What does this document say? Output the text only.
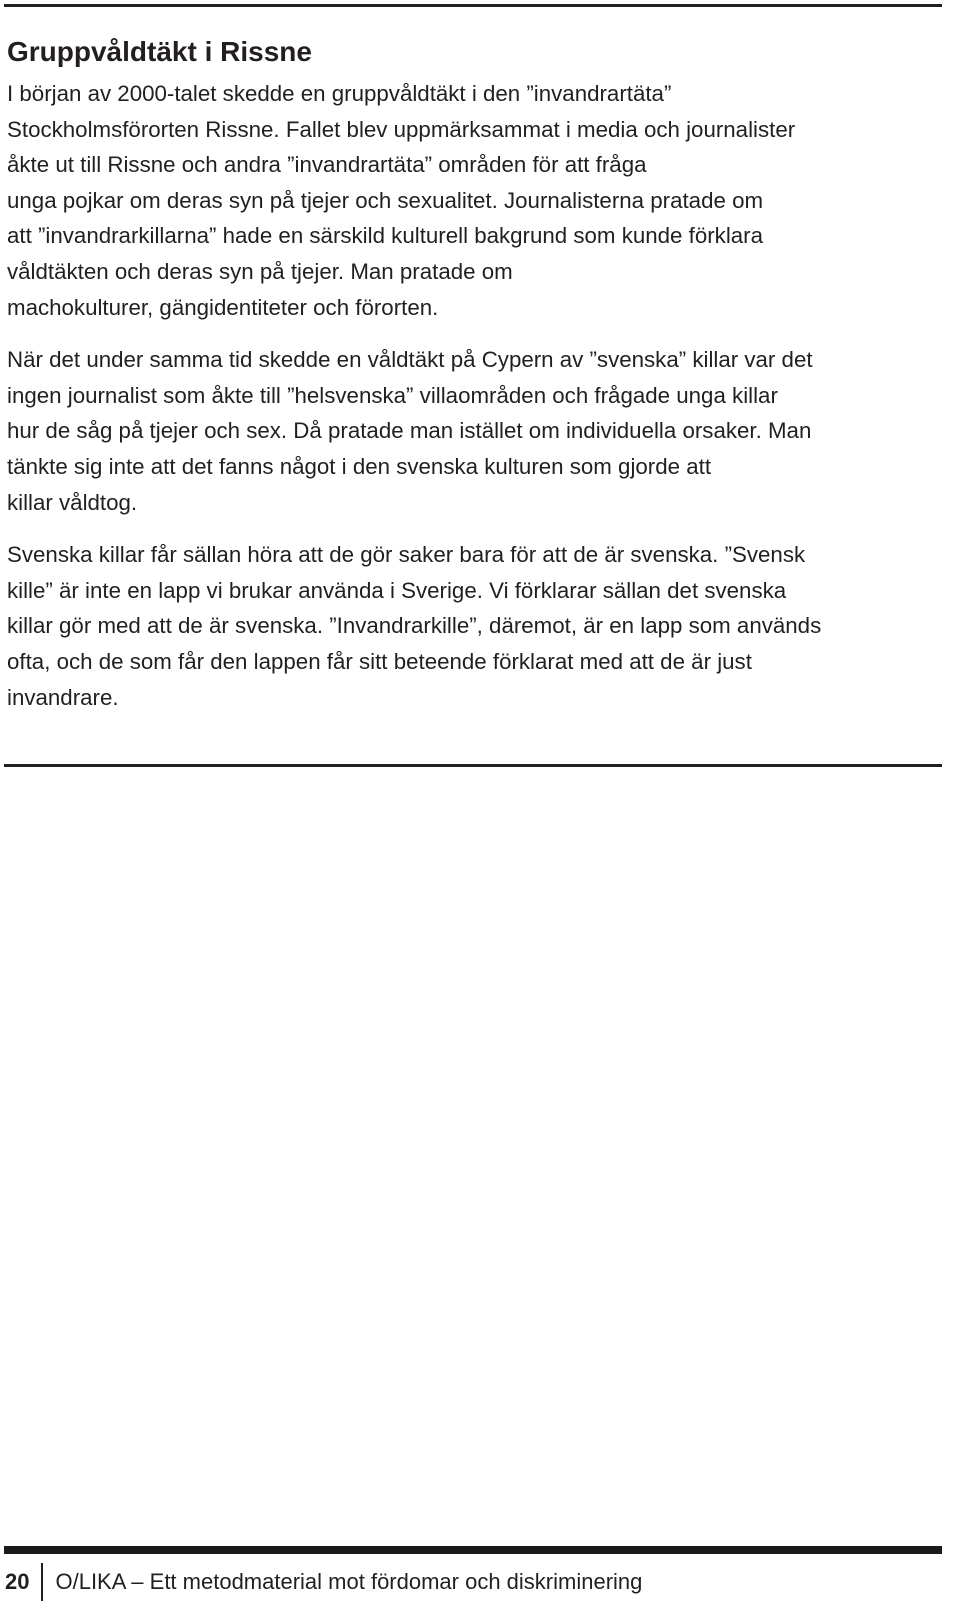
Gruppvåldtäkt i Rissne

I början av 2000-talet skedde en gruppvåldtäkt i den ”invandrartäta”
Stockholmsförorten Rissne. Fallet blev uppmärksammat i media och journalister
åkte ut till Rissne och andra ”invandrartäta” områden för att fråga
unga pojkar om deras syn på tjejer och sexualitet. Journalisterna pratade om
att ”invandrarkillarna” hade en särskild kulturell bakgrund som kunde förklara
våldtäkten och deras syn på tjejer. Man pratade om
machokulturer, gängidentiteter och förorten.

När det under samma tid skedde en våldtäkt på Cypern av ”svenska” killar var det
ingen journalist som åkte till ”helsvenska” villaområden och frågade unga killar
hur de såg på tjejer och sex. Då pratade man istället om individuella orsaker. Man
tänkte sig inte att det fanns något i den svenska kulturen som gjorde att
killar våldtog.

Svenska killar får sällan höra att de gör saker bara för att de är svenska. ”Svensk
kille” är inte en lapp vi brukar använda i Sverige. Vi förklarar sällan det svenska
killar gör med att de är svenska. ”Invandrarkille”, däremot, är en lapp som används
ofta, och de som får den lappen får sitt beteende förklarat med att de är just
invandrare.

20	O/LIKA – Ett metodmaterial mot fördomar och diskriminering
